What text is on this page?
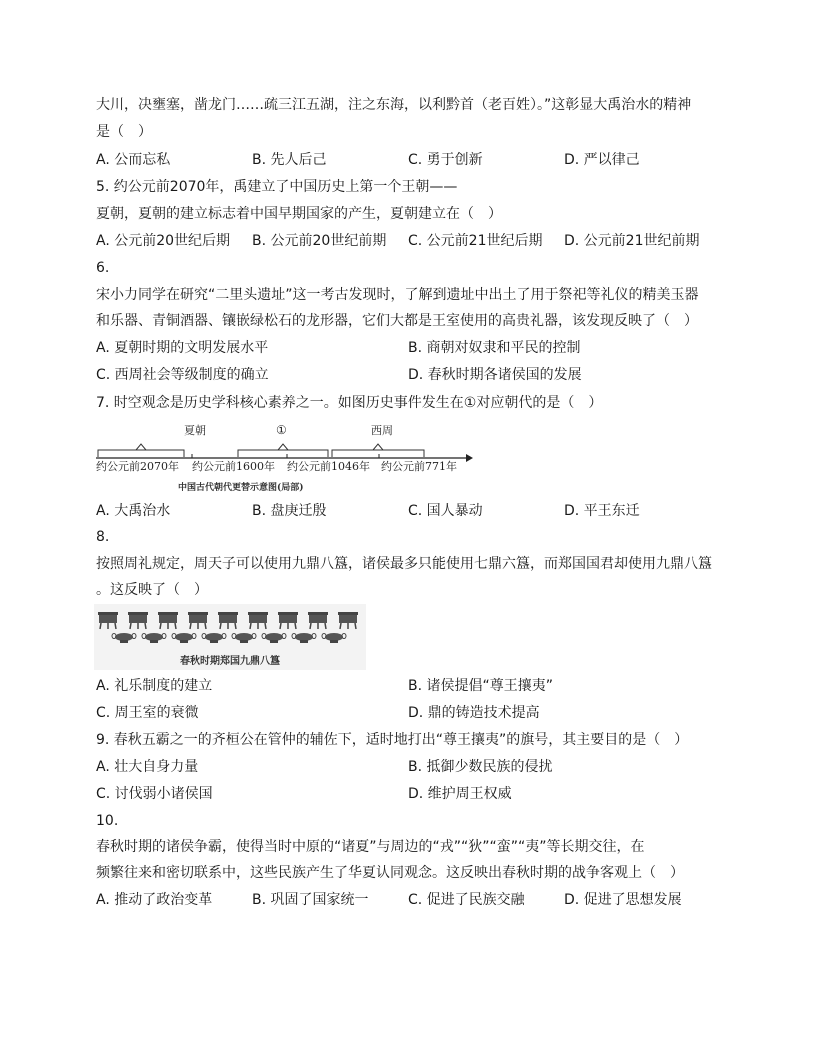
大川，决壅塞，凿龙门……疏三江五湖，注之东海，以利黔首（老百姓）。”这彰显大禹治水的精神
是（　）
A. 公而忘私	B. 先人后己	C. 勇于创新	D. 严以律己
5. 约公元前2070年，禹建立了中国历史上第一个王朝——
夏朝，夏朝的建立标志着中国早期国家的产生，夏朝建立在（　）
A. 公元前20世纪后期 B. 公元前20世纪前期 C. 公元前21世纪后期 D. 公元前21世纪前期
6.
宋小力同学在研究“二里头遗址”这一考古发现时，了解到遗址中出土了用于祭祀等礼仪的精美玉器
和乐器、青铜酒器、镶嵌绿松石的龙形器，它们大都是王室使用的高贵礼器，该发现反映了（　）
A. 夏朝时期的文明发展水平	B. 商朝对奴隶和平民的控制
C. 西周社会等级制度的确立	D. 春秋时期各诸侯国的发展
7. 时空观念是历史学科核心素养之一。如图历史事件发生在①对应朝代的是（　）
夏朝	①	西周
约公元前2070年 约公元前1600年 约公元前1046年 约公元前771年
中国古代朝代更替示意图(局部)
A. 大禹治水	B. 盘庚迁殷	C. 国人暴动	D. 平王东迁
8.
按照周礼规定，周天子可以使用九鼎八簋，诸侯最多只能使用七鼎六簋，而郑国国君却使用九鼎八簋
。这反映了（　）
春秋时期郑国九鼎八簋
A. 礼乐制度的建立	B. 诸侯提倡“尊王攘夷”
C. 周王室的衰微	D. 鼎的铸造技术提高
9. 春秋五霸之一的齐桓公在管仲的辅佐下，适时地打出“尊王攘夷”的旗号，其主要目的是（　）
A. 壮大自身力量	B. 抵御少数民族的侵扰
C. 讨伐弱小诸侯国	D. 维护周王权威
10.
春秋时期的诸侯争霸，使得当时中原的“诸夏”与周边的“戎”“狄”“蛮”“夷”等长期交往，在
频繁往来和密切联系中，这些民族产生了华夏认同观念。这反映出春秋时期的战争客观上（　）
A. 推动了政治变革	B. 巩固了国家统一	C. 促进了民族交融	D. 促进了思想发展
